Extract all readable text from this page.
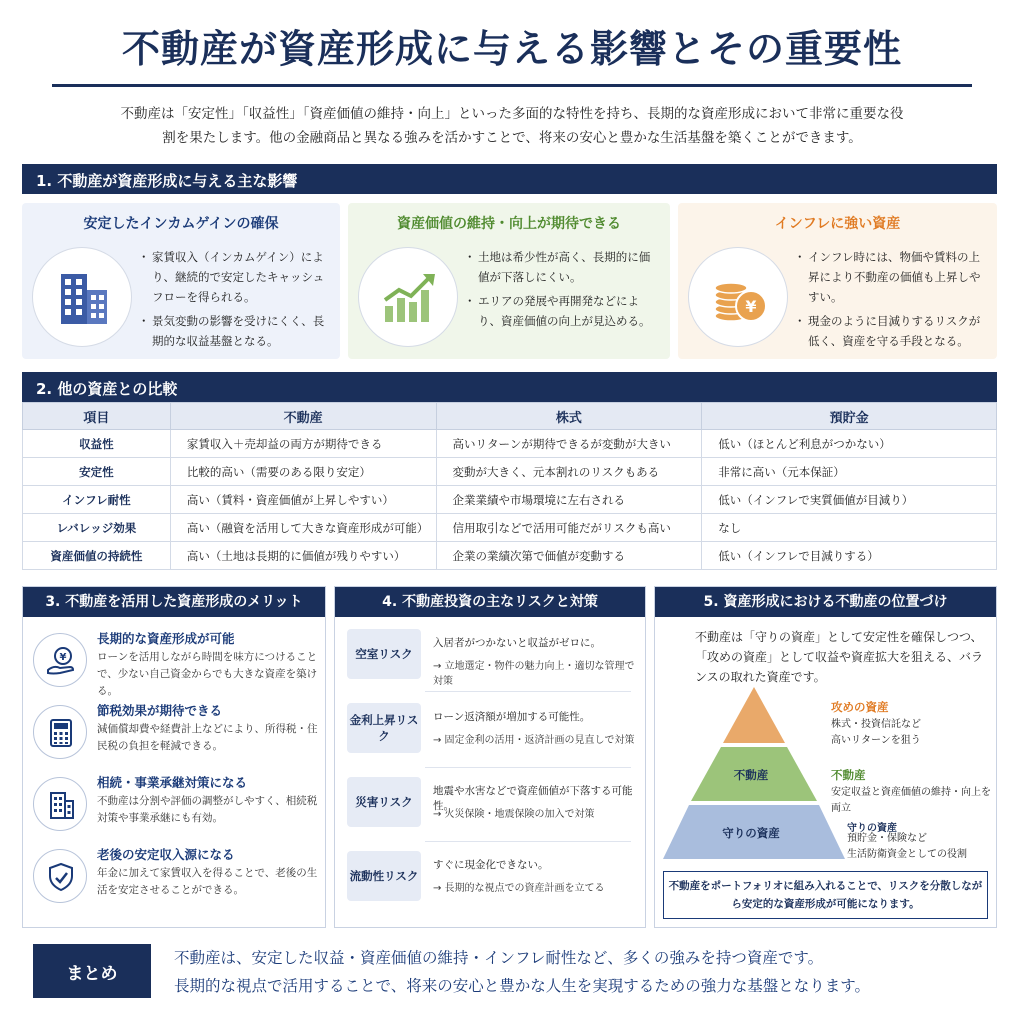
不動産が資産形成に与える影響とその重要性
不動産は「安定性」「収益性」「資産価値の維持・向上」といった多面的な特性を持ち、長期的な資産形成において非常に重要な役
割を果たします。他の金融商品と異なる強みを活かすことで、将来の安心と豊かな生活基盤を築くことができます。
1. 不動産が資産形成に与える主な影響
安定したインカムゲインの確保
・ 家賃収入（インカムゲイン）により、継続的で安定したキャッシュフローを得られる。
・ 景気変動の影響を受けにくく、長期的な収益基盤となる。
資産価値の維持・向上が期待できる
・ 土地は希少性が高く、長期的に価値が下落しにくい。
・ エリアの発展や再開発などにより、資産価値の向上が見込める。
インフレに強い資産
¥
・ インフレ時には、物価や賃料の上昇により不動産の価値も上昇しやすい。
・ 現金のように目減りするリスクが低く、資産を守る手段となる。
2. 他の資産との比較
項目	不動産	株式	預貯金
収益性	家賃収入＋売却益の両方が期待できる	高いリターンが期待できるが変動が大きい	低い（ほとんど利息がつかない）
安定性	比較的高い（需要のある限り安定）	変動が大きく、元本割れのリスクもある	非常に高い（元本保証）
インフレ耐性	高い（賃料・資産価値が上昇しやすい）	企業業績や市場環境に左右される	低い（インフレで実質価値が目減り）
レバレッジ効果	高い（融資を活用して大きな資産形成が可能）	信用取引などで活用可能だがリスクも高い	なし
資産価値の持続性	高い（土地は長期的に価値が残りやすい）	企業の業績次第で価値が変動する	低い（インフレで目減りする）
3. 不動産を活用した資産形成のメリット
¥
長期的な資産形成が可能
ローンを活用しながら時間を味方につけることで、少ない自己資金からでも大きな資産を築ける。
節税効果が期待できる
減価償却費や経費計上などにより、所得税・住民税の負担を軽減できる。
相続・事業承継対策になる
不動産は分割や評価の調整がしやすく、相続税対策や事業承継にも有効。
老後の安定収入源になる
年金に加えて家賃収入を得ることで、老後の生活を安定させることができる。
4. 不動産投資の主なリスクと対策
空室リスク
入居者がつかないと収益がゼロに。
→ 立地選定・物件の魅力向上・適切な管理で対策
金利上昇リスク
ローン返済額が増加する可能性。
→ 固定金利の活用・返済計画の見直しで対策
災害リスク
地震や水害などで資産価値が下落する可能性。
→ 火災保険・地震保険の加入で対策
流動性リスク
すぐに現金化できない。
→ 長期的な視点での資産計画を立てる
5. 資産形成における不動産の位置づけ
不動産は「守りの資産」として安定性を確保しつつ、「攻めの資産」として収益や資産拡大を狙える、バランスの取れた資産です。
不動産
守りの資産
攻めの資産
株式・投資信託など
高いリターンを狙う
不動産
安定収益と資産価値の維持・向上を両立
守りの資産
預貯金・保険など
生活防衛資金としての役割
不動産をポートフォリオに組み入れることで、リスクを分散しながら安定的な資産形成が可能になります。
まとめ
不動産は、安定した収益・資産価値の維持・インフレ耐性など、多くの強みを持つ資産です。
長期的な視点で活用することで、将来の安心と豊かな人生を実現するための強力な基盤となります。
